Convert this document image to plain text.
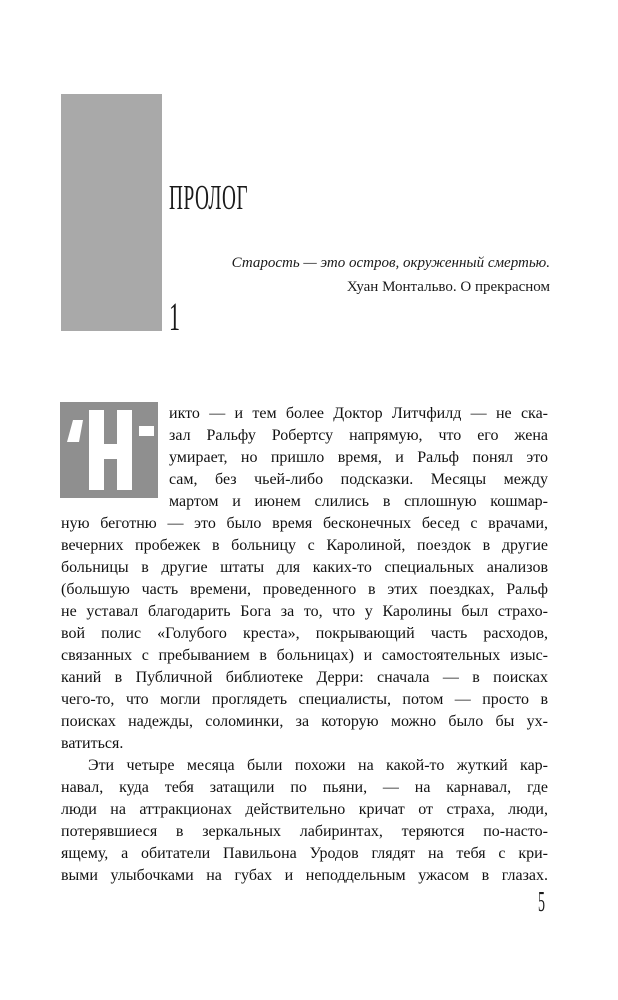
ПРОЛОГ
1
Старость — это остров, окруженный смертью.
Хуан Монтальво. О прекрасном
икто — и тем более Доктор Литчфилд — не ска-
зал Ральфу Робертсу напрямую, что его жена
умирает, но пришло время, и Ральф понял это
сам, без чьей-либо подсказки. Месяцы между
мартом и июнем слились в сплошную кошмар-
ную беготню — это было время бесконечных бесед с врачами,
вечерних пробежек в больницу с Каролиной, поездок в другие
больницы в другие штаты для каких-то специальных анализов
(большую часть времени, проведенного в этих поездках, Ральф
не уставал благодарить Бога за то, что у Каролины был страхо-
вой полис «Голубого креста», покрывающий часть расходов,
связанных с пребыванием в больницах) и самостоятельных изыс-
каний в Публичной библиотеке Дерри: сначала — в поисках
чего-то, что могли проглядеть специалисты, потом — просто в
поисках надежды, соломинки, за которую можно было бы ух-
ватиться.
Эти четыре месяца были похожи на какой-то жуткий кар-
навал, куда тебя затащили по пьяни, — на карнавал, где
люди на аттракционах действительно кричат от страха, люди,
потерявшиеся в зеркальных лабиринтах, теряются по-насто-
ящему, а обитатели Павильона Уродов глядят на тебя с кри-
выми улыбочками на губах и неподдельным ужасом в глазах.
5
